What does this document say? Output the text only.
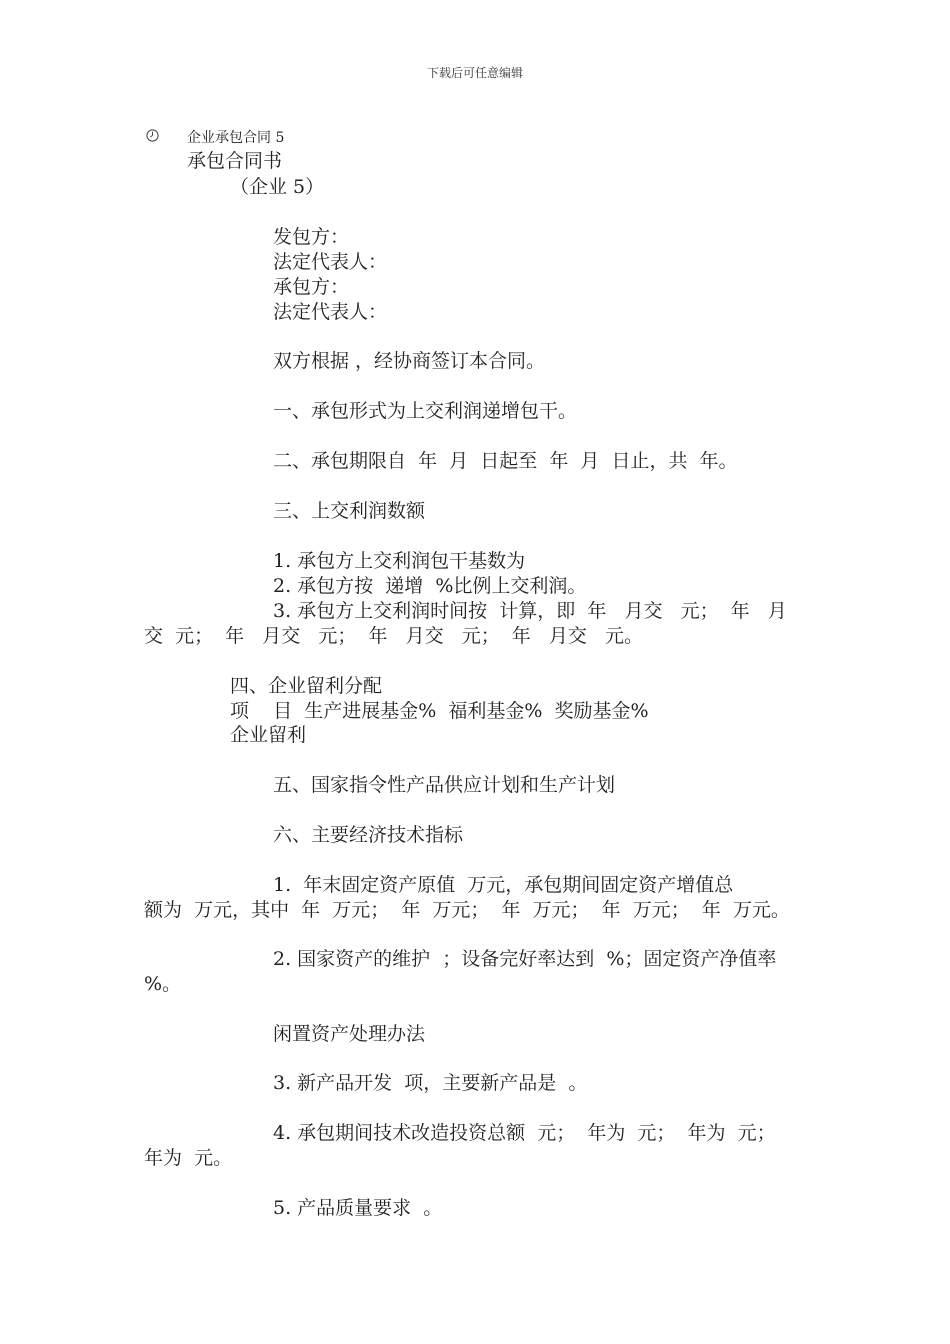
下载后可任意编辑
企业承包合同 5
承包合同书
（企业 5）
发包方：
法定代表人：
承包方：
法定代表人：
双方根据 ，经协商签订本合同。
一、承包形式为上交利润递增包干。
二、承包期限自  年  月  日起至  年  月  日止，共  年。
三、上交利润数额
1. 承包方上交利润包干基数为
2. 承包方按  递增  %比例上交利润。
3. 承包方上交利润时间按  计算，即  年   月交   元；  年   月
交  元；  年   月交   元；  年   月交   元；  年   月交   元。
四、企业留利分配
项    目  生产进展基金%  福利基金%  奖励基金%
企业留利
五、国家指令性产品供应计划和生产计划
六、主要经济技术指标
1.  年末固定资产原值  万元，承包期间固定资产增值总
额为  万元，其中  年  万元；  年  万元；  年  万元；  年  万元；  年  万元。
2. 国家资产的维护  ；设备完好率达到  %；固定资产净值率
%。
闲置资产处理办法
3. 新产品开发  项，主要新产品是  。
4. 承包期间技术改造投资总额  元；  年为  元；  年为  元；
年为  元。
5. 产品质量要求  。
